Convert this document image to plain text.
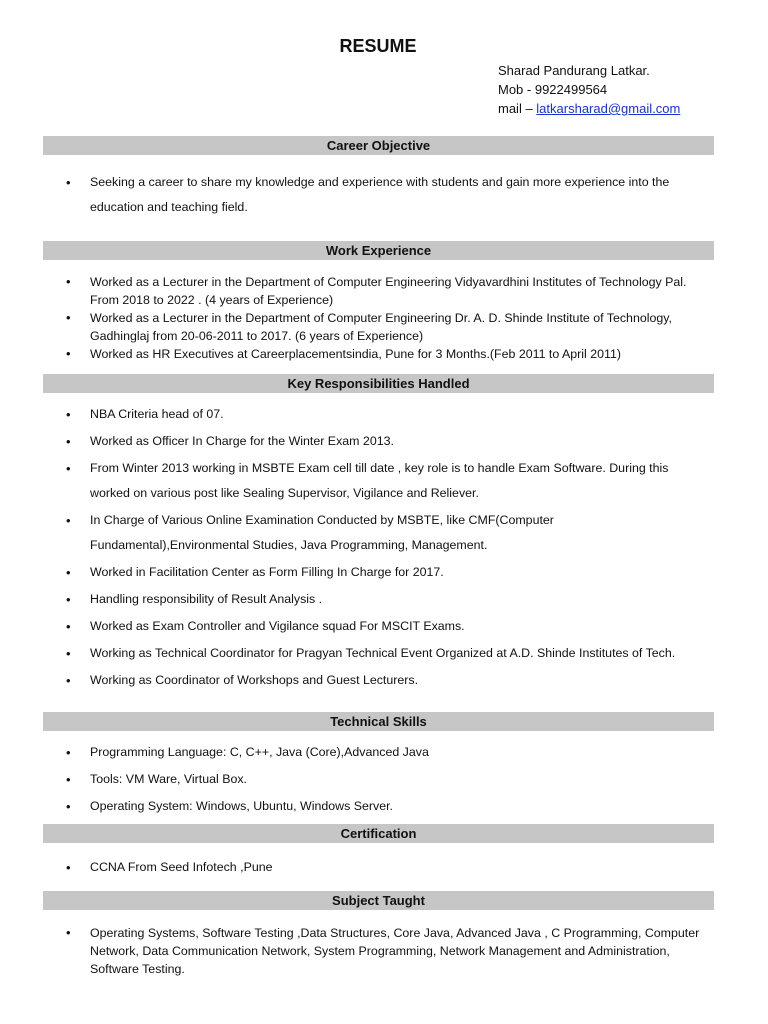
RESUME
Sharad Pandurang Latkar.
Mob - 9922499564
mail – latkarsharad@gmail.com
Career Objective
• Seeking a career to share my knowledge and experience with students and gain more experience into the education and teaching field.
Work Experience
• Worked as a Lecturer in the Department of Computer Engineering Vidyavardhini Institutes of Technology Pal. From 2018 to 2022 . (4 years of Experience)
• Worked as a Lecturer in the Department of Computer Engineering Dr. A. D. Shinde Institute of Technology, Gadhinglaj from 20-06-2011 to 2017. (6 years of Experience)
• Worked as HR Executives at Careerplacementsindia, Pune for 3 Months.(Feb 2011 to April 2011)
Key Responsibilities Handled
• NBA Criteria head of 07.
• Worked as Officer In Charge for the Winter Exam 2013.
• From Winter 2013 working in MSBTE Exam cell till date , key role is to handle Exam Software. During this worked on various post like Sealing Supervisor, Vigilance and Reliever.
• In Charge of Various Online Examination Conducted by MSBTE, like CMF(Computer Fundamental),Environmental Studies, Java Programming, Management.
• Worked in Facilitation Center as Form Filling In Charge for 2017.
• Handling responsibility of Result Analysis .
• Worked as Exam Controller and Vigilance squad For MSCIT Exams.
• Working as Technical Coordinator for Pragyan Technical Event Organized at A.D. Shinde Institutes of Tech.
• Working as Coordinator of Workshops and Guest Lecturers.
Technical Skills
• Programming Language: C, C++, Java (Core),Advanced Java
• Tools: VM Ware, Virtual Box.
• Operating System: Windows, Ubuntu, Windows Server.
Certification
• CCNA From Seed Infotech ,Pune
Subject Taught
• Operating Systems, Software Testing ,Data Structures, Core Java, Advanced Java , C Programming, Computer Network, Data Communication Network, System Programming, Network Management and Administration, Software Testing.
